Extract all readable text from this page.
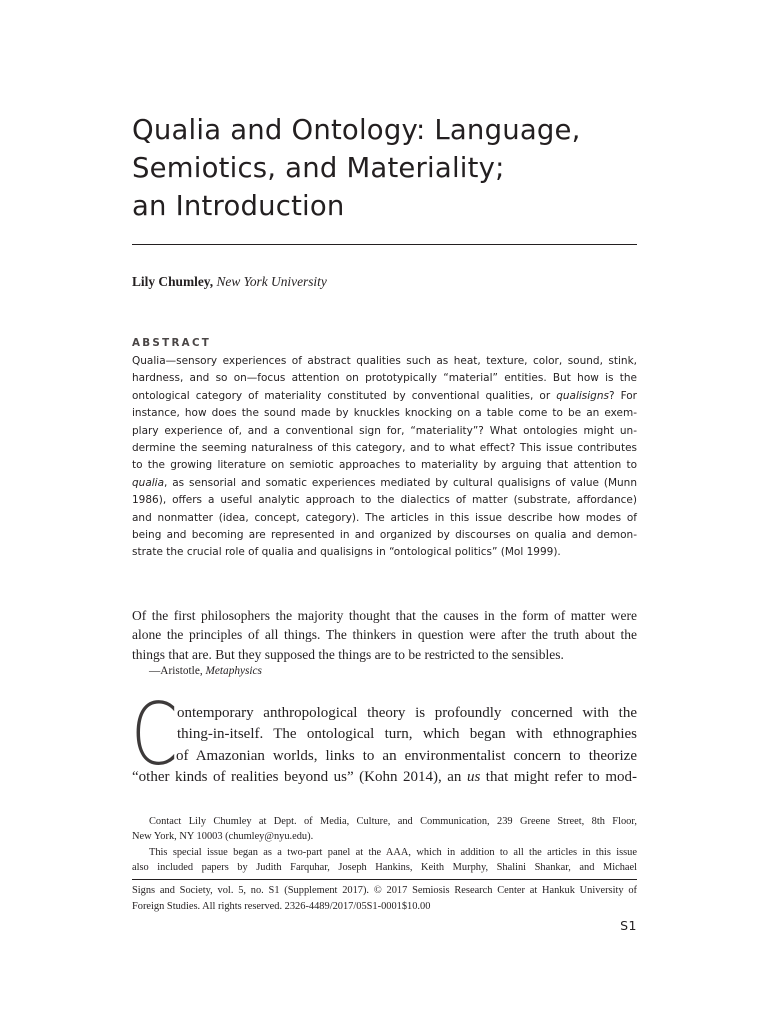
Qualia and Ontology: Language,
Semiotics, and Materiality;
an Introduction
Lily Chumley, New York University
ABSTRACT
Qualia—sensory experiences of abstract qualities such as heat, texture, color, sound, stink,
hardness, and so on—focus attention on prototypically “material” entities. But how is the
ontological category of materiality constituted by conventional qualities, or qualisigns? For
instance, how does the sound made by knuckles knocking on a table come to be an exem-
plary experience of, and a conventional sign for, “materiality”? What ontologies might un-
dermine the seeming naturalness of this category, and to what effect? This issue contributes
to the growing literature on semiotic approaches to materiality by arguing that attention to
qualia, as sensorial and somatic experiences mediated by cultural qualisigns of value (Munn
1986), offers a useful analytic approach to the dialectics of matter (substrate, affordance)
and nonmatter (idea, concept, category). The articles in this issue describe how modes of
being and becoming are represented in and organized by discourses on qualia and demon-
strate the crucial role of qualia and qualisigns in “ontological politics” (Mol 1999).
Of the first philosophers the majority thought that the causes in the form of matter were
alone the principles of all things. The thinkers in question were after the truth about the
things that are. But they supposed the things are to be restricted to the sensibles.
—Aristotle, Metaphysics
C ontemporary anthropological theory is profoundly concerned with the
thing-in-itself. The ontological turn, which began with ethnographies
of Amazonian worlds, links to an environmentalist concern to theorize
“other kinds of realities beyond us” (Kohn 2014), an us that might refer to mod-
Contact Lily Chumley at Dept. of Media, Culture, and Communication, 239 Greene Street, 8th Floor,
New York, NY 10003 (chumley@nyu.edu).
This special issue began as a two-part panel at the AAA, which in addition to all the articles in this issue
also included papers by Judith Farquhar, Joseph Hankins, Keith Murphy, Shalini Shankar, and Michael
Signs and Society, vol. 5, no. S1 (Supplement 2017). © 2017 Semiosis Research Center at Hankuk University of
Foreign Studies. All rights reserved. 2326-4489/2017/05S1-0001$10.00
S1
